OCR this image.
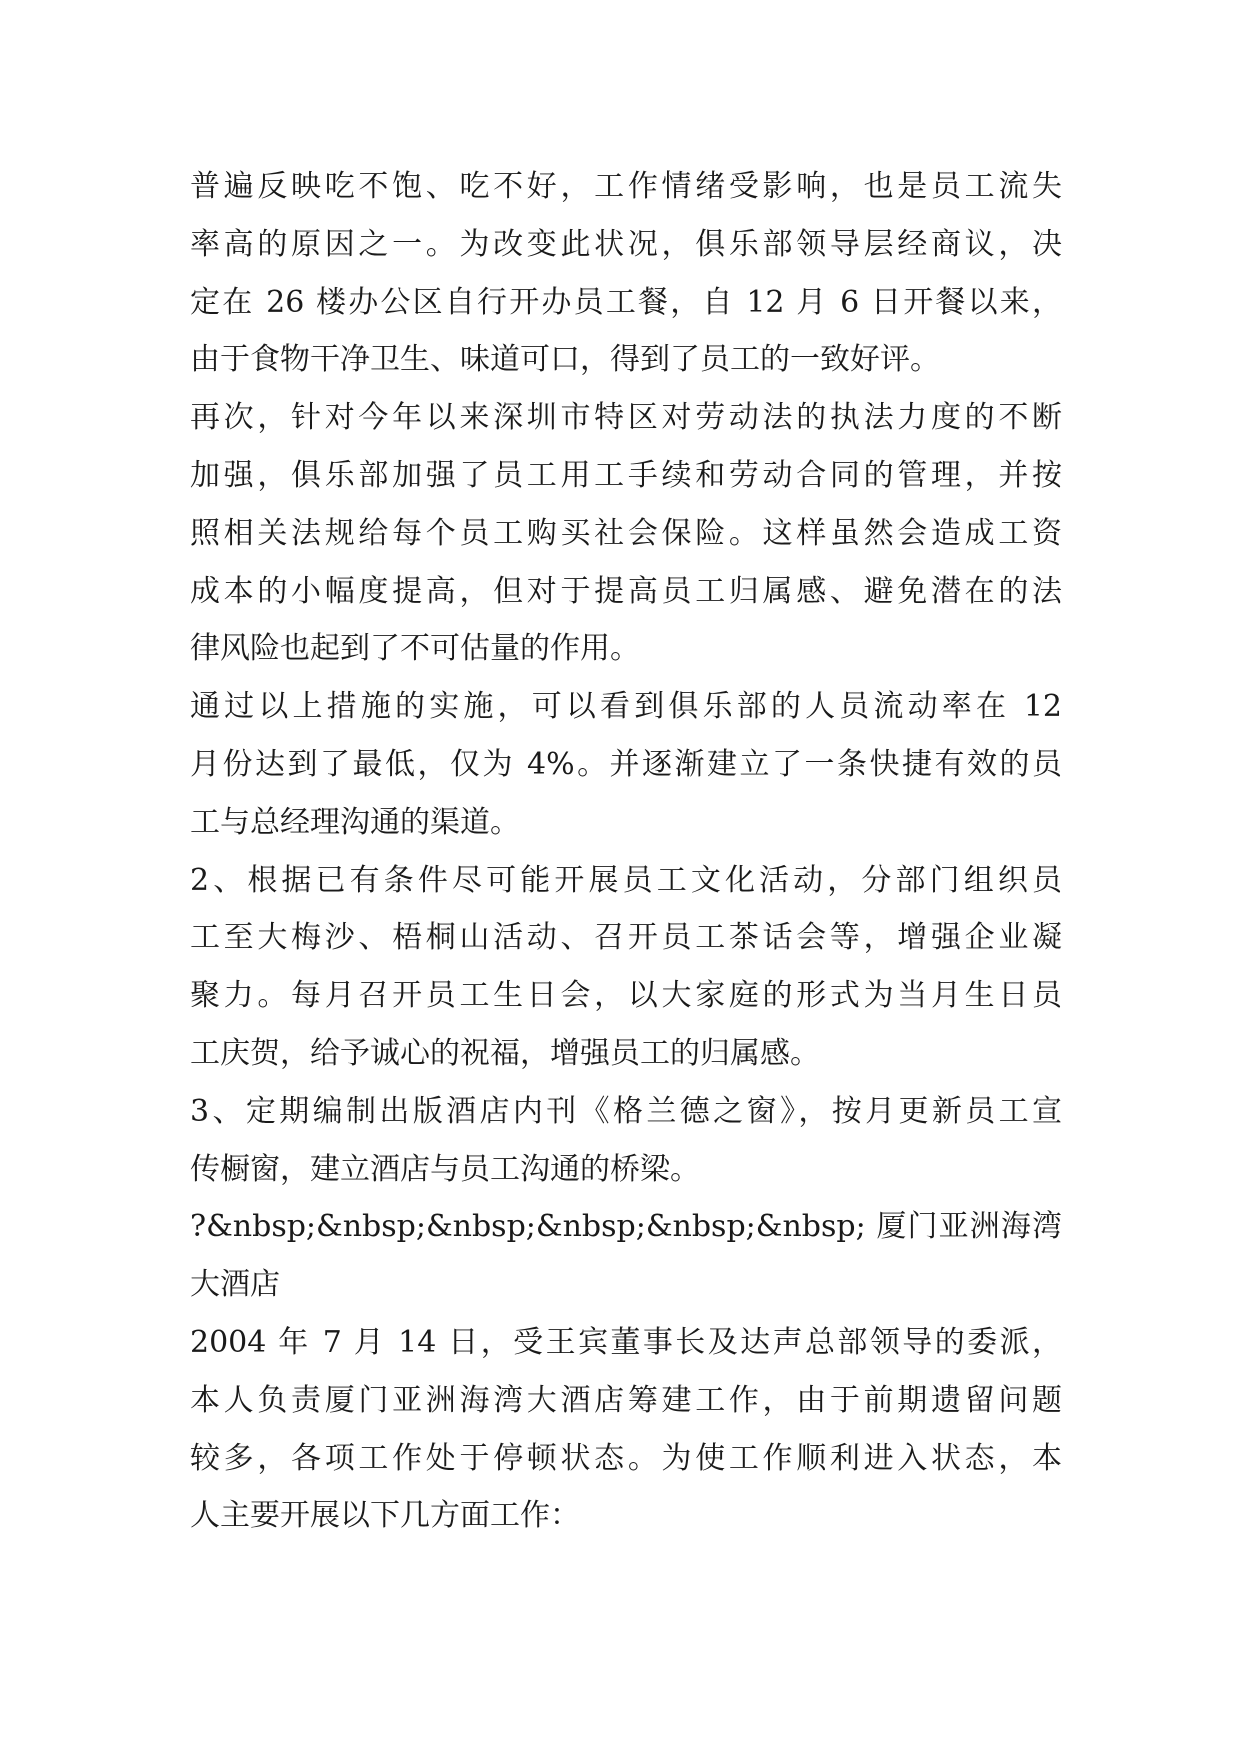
普遍反映吃不饱、吃不好，工作情绪受影响，也是员工流失
率高的原因之一。为改变此状况，俱乐部领导层经商议，决
定在 26 楼办公区自行开办员工餐，自 12 月 6 日开餐以来，
由于食物干净卫生、味道可口，得到了员工的一致好评。
再次，针对今年以来深圳市特区对劳动法的执法力度的不断
加强，俱乐部加强了员工用工手续和劳动合同的管理，并按
照相关法规给每个员工购买社会保险。这样虽然会造成工资
成本的小幅度提高，但对于提高员工归属感、避免潜在的法
律风险也起到了不可估量的作用。
通过以上措施的实施，可以看到俱乐部的人员流动率在 12
月份达到了最低，仅为 4%。并逐渐建立了一条快捷有效的员
工与总经理沟通的渠道。
2、根据已有条件尽可能开展员工文化活动，分部门组织员
工至大梅沙、梧桐山活动、召开员工茶话会等，增强企业凝
聚力。每月召开员工生日会，以大家庭的形式为当月生日员
工庆贺，给予诚心的祝福，增强员工的归属感。
3、定期编制出版酒店内刊《格兰德之窗》，按月更新员工宣
传橱窗，建立酒店与员工沟通的桥梁。
?&nbsp;&nbsp;&nbsp;&nbsp;&nbsp;&nbsp; 厦门亚洲海湾
大酒店
2004 年 7 月 14 日，受王宾董事长及达声总部领导的委派，
本人负责厦门亚洲海湾大酒店筹建工作，由于前期遗留问题
较多，各项工作处于停顿状态。为使工作顺利进入状态，本
人主要开展以下几方面工作：
